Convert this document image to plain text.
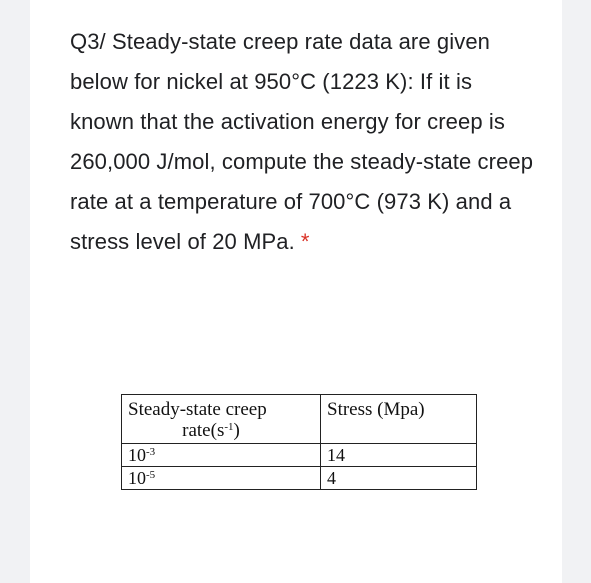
Q3/ Steady-state creep rate data are given below for nickel at 950°C (1223 K): If it is known that the activation energy for creep is 260,000 J/mol, compute the steady-state creep rate at a temperature of 700°C (973 K) and a stress level of 20 MPa. *

Steady-state creep
$rate(s^{-1})$	Stress (Mpa)
$10^{-3}$	14
$10^{-5}$	4
